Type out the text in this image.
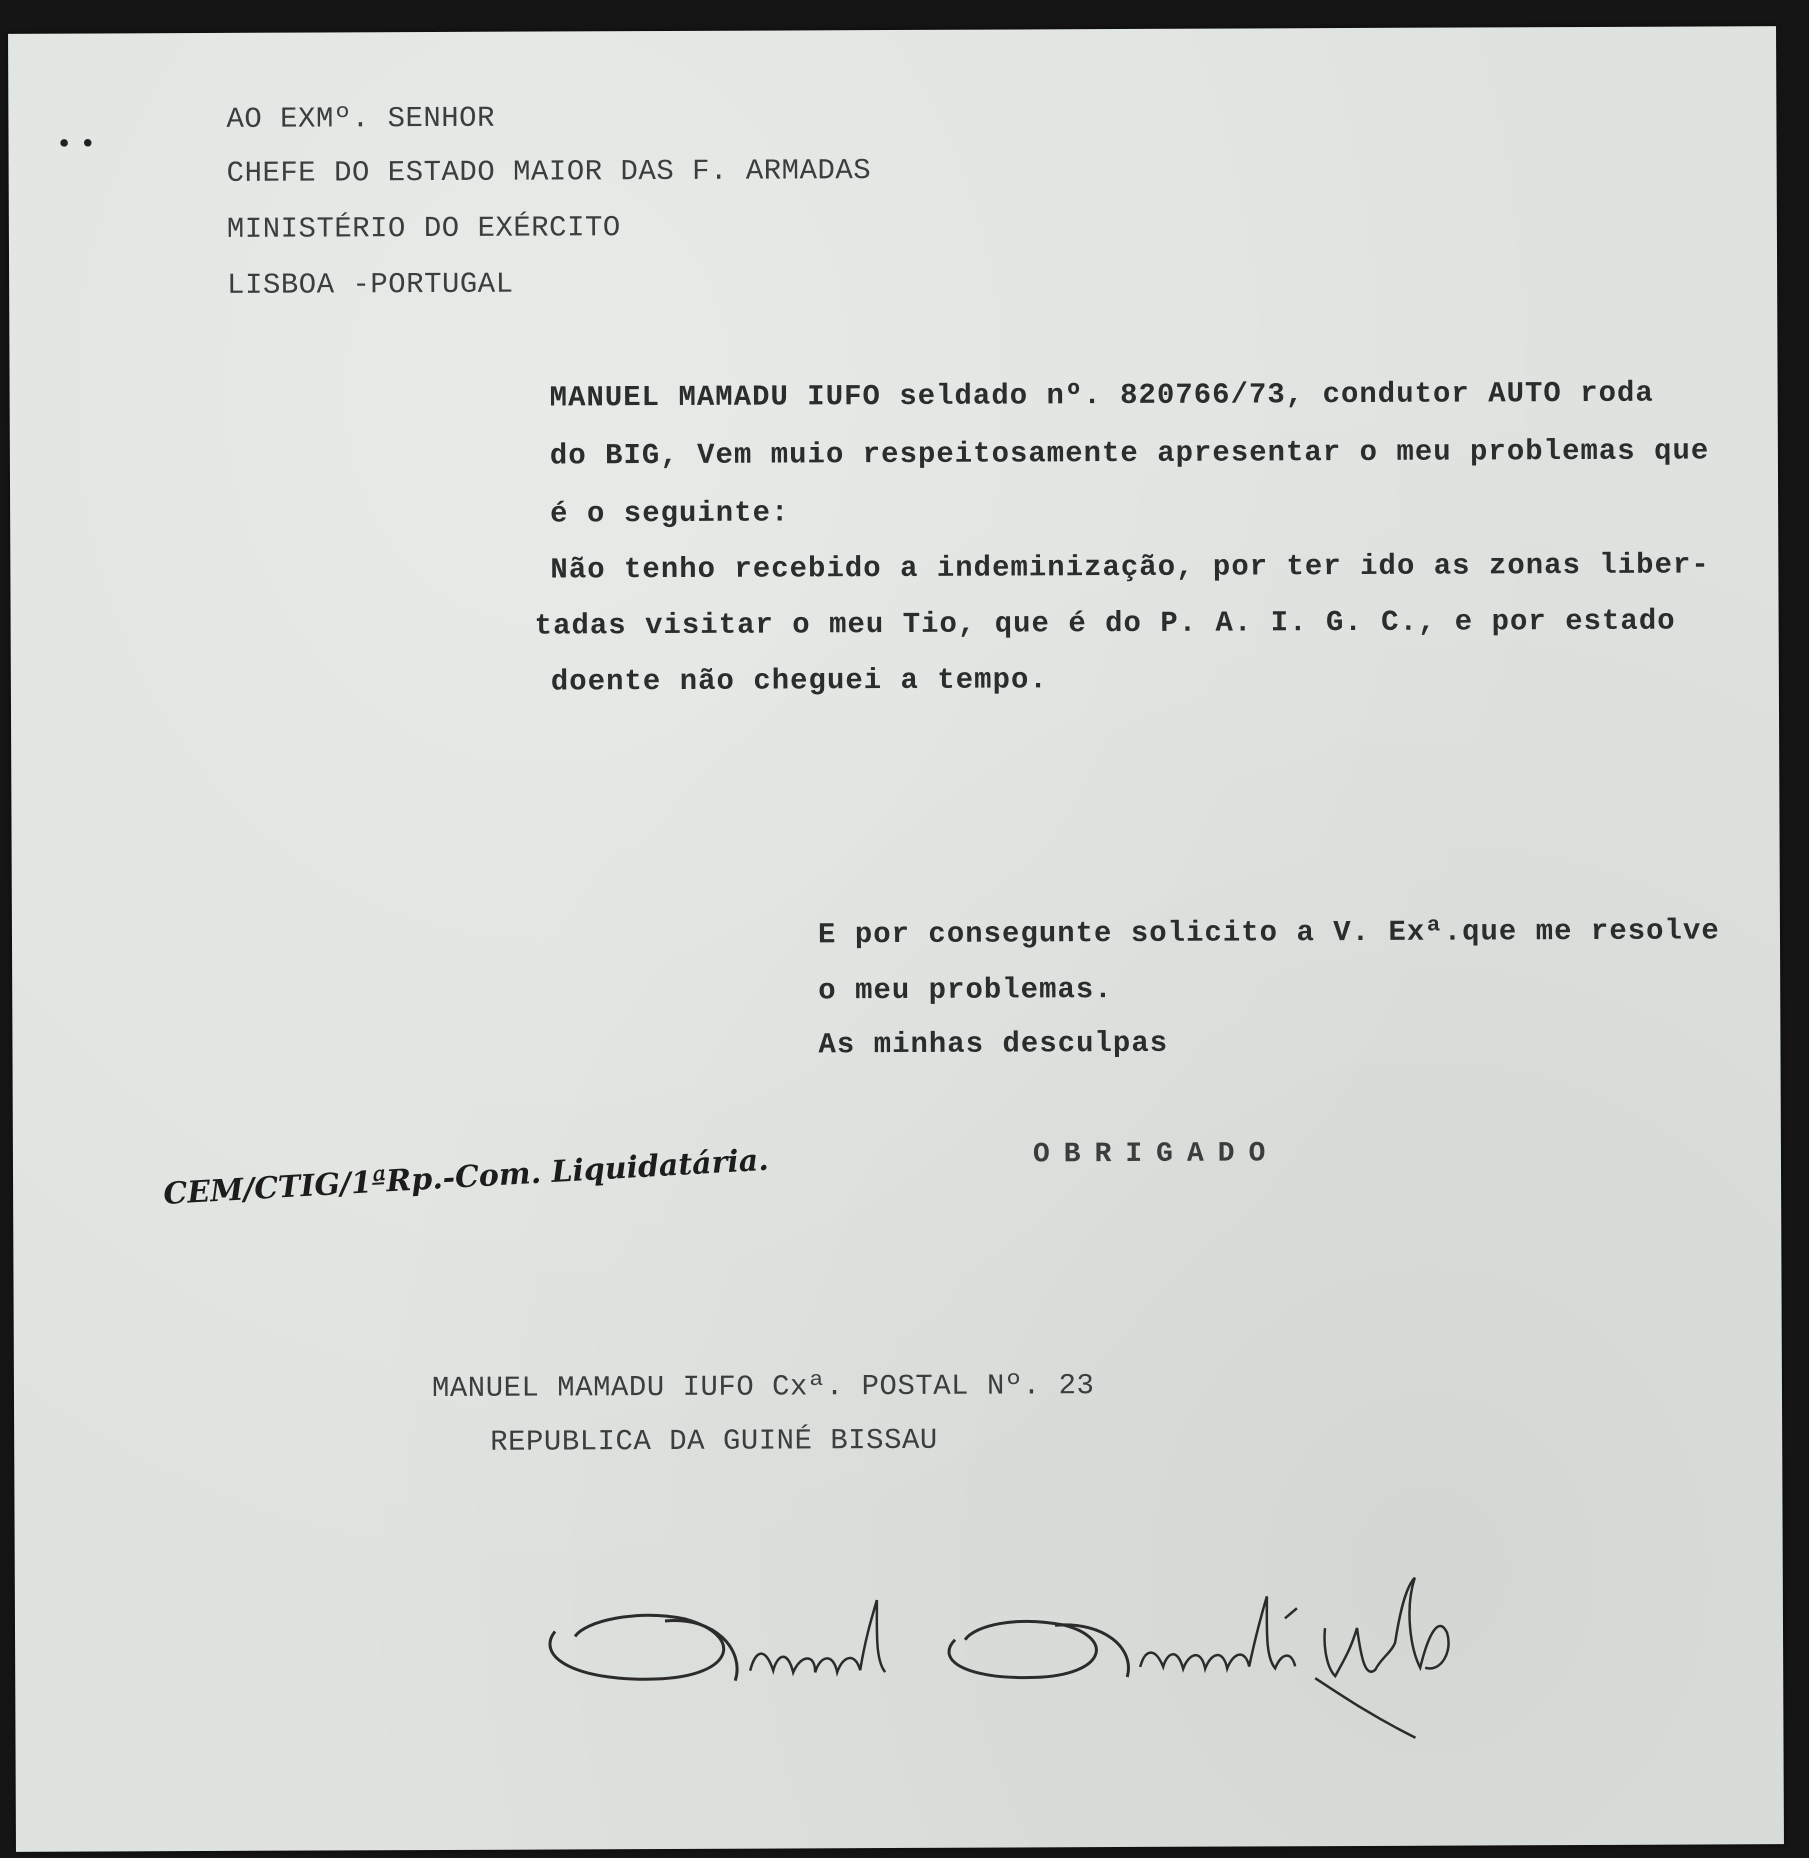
• •
AO EXMº. SENHOR
CHEFE DO ESTADO MAIOR DAS F. ARMADAS
MINISTÉRIO DO EXÉRCITO
LISBOA -PORTUGAL
MANUEL MAMADU IUFO seldado nº. 820766/73, condutor AUTO roda
do BIG, Vem muio respeitosamente apresentar o meu problemas que
é o seguinte:
Não tenho recebido a indeminização, por ter ido as zonas liber-
tadas visitar o meu Tio, que é do P. A. I. G. C., e por estado
doente não cheguei a tempo.
E por consegunte solicito a V. Exª.que me resolve
o meu problemas.
As minhas desculpas
OBRIGADO
CEM/CTIG/1ªRp.-Com. Liquidatária.
MANUEL MAMADU IUFO Cxª. POSTAL Nº. 23
REPUBLICA DA GUINÉ BISSAU
